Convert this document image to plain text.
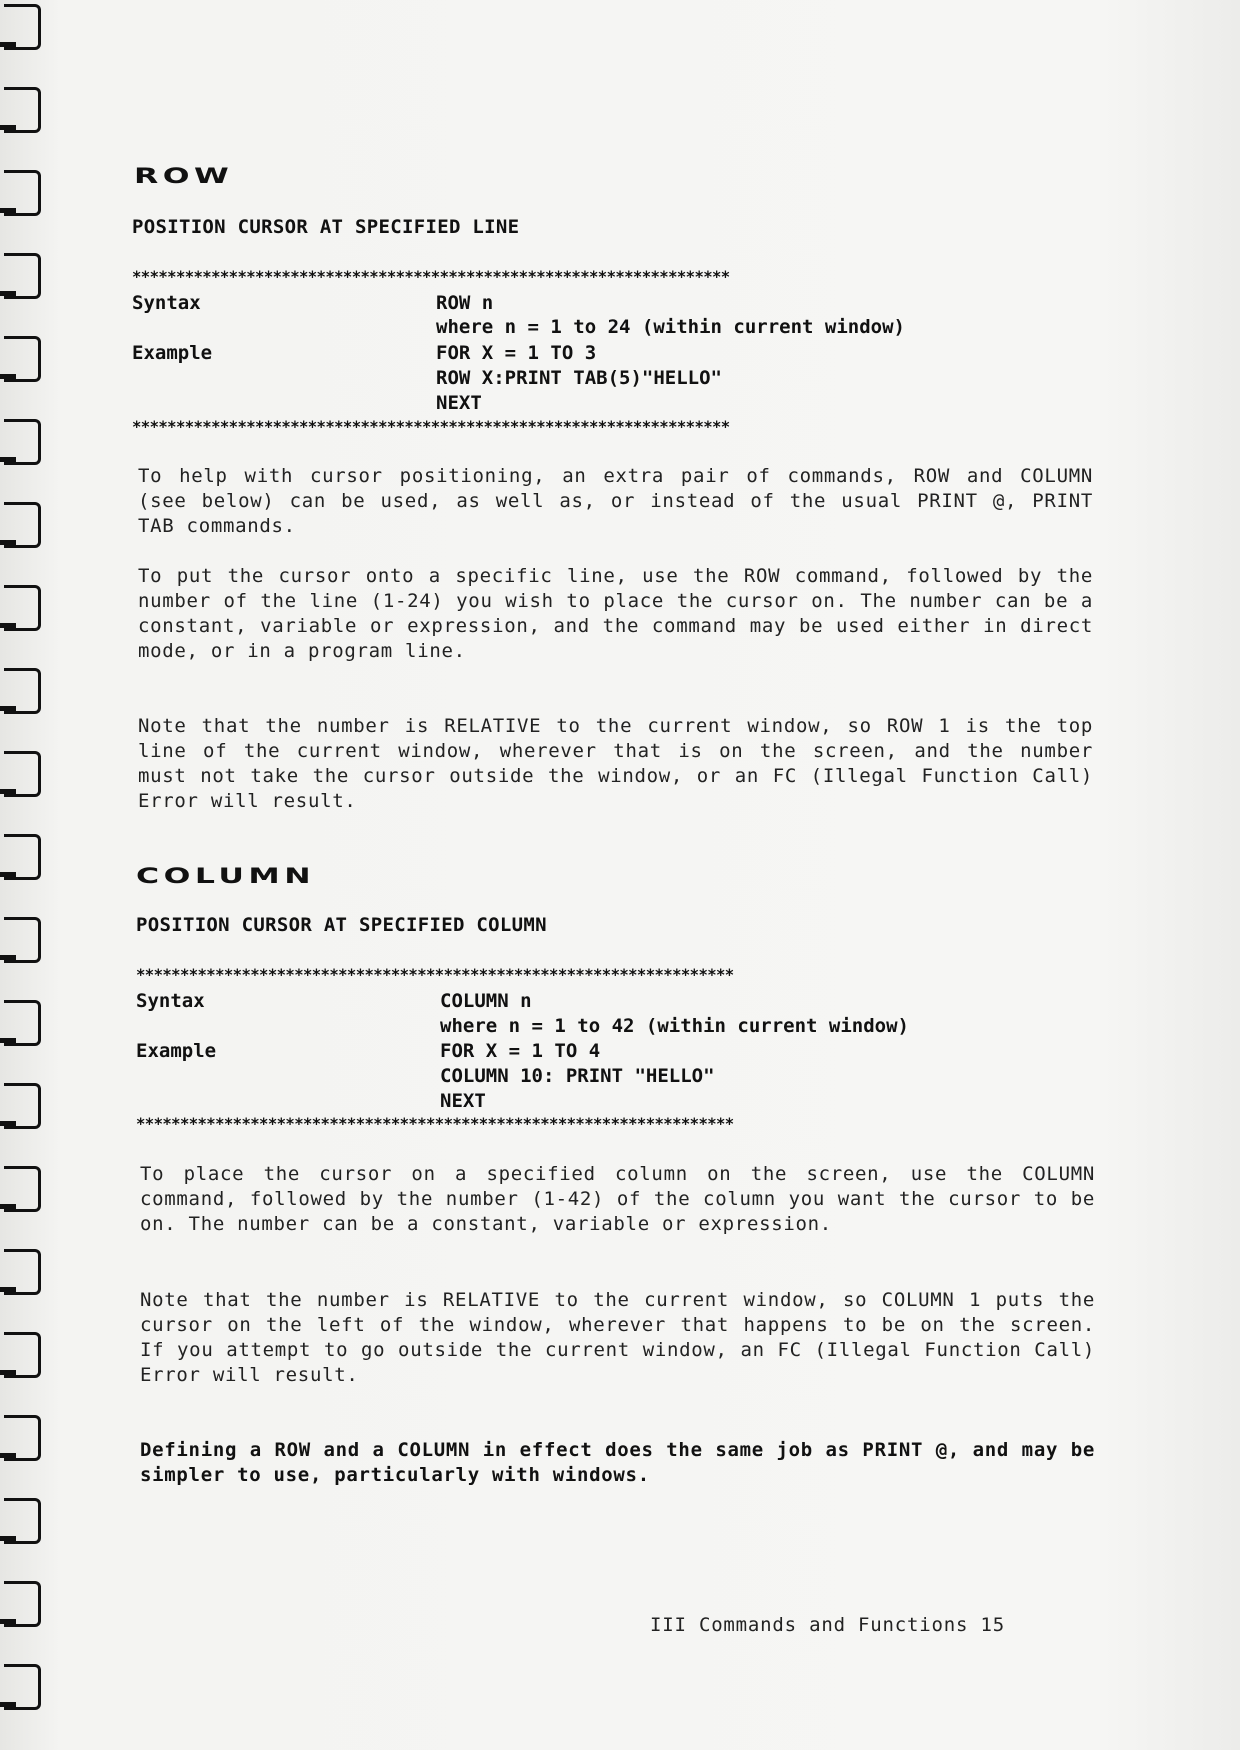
ROW
POSITION CURSOR AT SPECIFIED LINE
********************************************************************
Syntax	ROW n
where n = 1 to 24 (within current window)
Example	FOR X = 1 TO 3
ROW X:PRINT TAB(5)"HELLO"
NEXT
********************************************************************
To help with cursor positioning, an extra pair of commands, ROW and COLUMN (see below) can be used, as well as, or instead of the usual PRINT @, PRINT TAB commands.
To put the cursor onto a specific line, use the ROW command, followed by the number of the line (1-24) you wish to place the cursor on. The number can be a constant, variable or expression, and the command may be used either in direct mode, or in a program line.
Note that the number is RELATIVE to the current window, so ROW 1 is the top line of the current window, wherever that is on the screen, and the number must not take the cursor outside the window, or an FC (Illegal Function Call) Error will result.
COLUMN
POSITION CURSOR AT SPECIFIED COLUMN
********************************************************************
Syntax	COLUMN n
where n = 1 to 42 (within current window)
Example	FOR X = 1 TO 4
COLUMN 10: PRINT "HELLO"
NEXT
********************************************************************
To place the cursor on a specified column on the screen, use the COLUMN command, followed by the number (1-42) of the column you want the cursor to be on. The number can be a constant, variable or expression.
Note that the number is RELATIVE to the current window, so COLUMN 1 puts the cursor on the left of the window, wherever that happens to be on the screen. If you attempt to go outside the current window, an FC (Illegal Function Call) Error will result.
Defining a ROW and a COLUMN in effect does the same job as PRINT @, and may be simpler to use, particularly with windows.
III Commands and Functions 15
